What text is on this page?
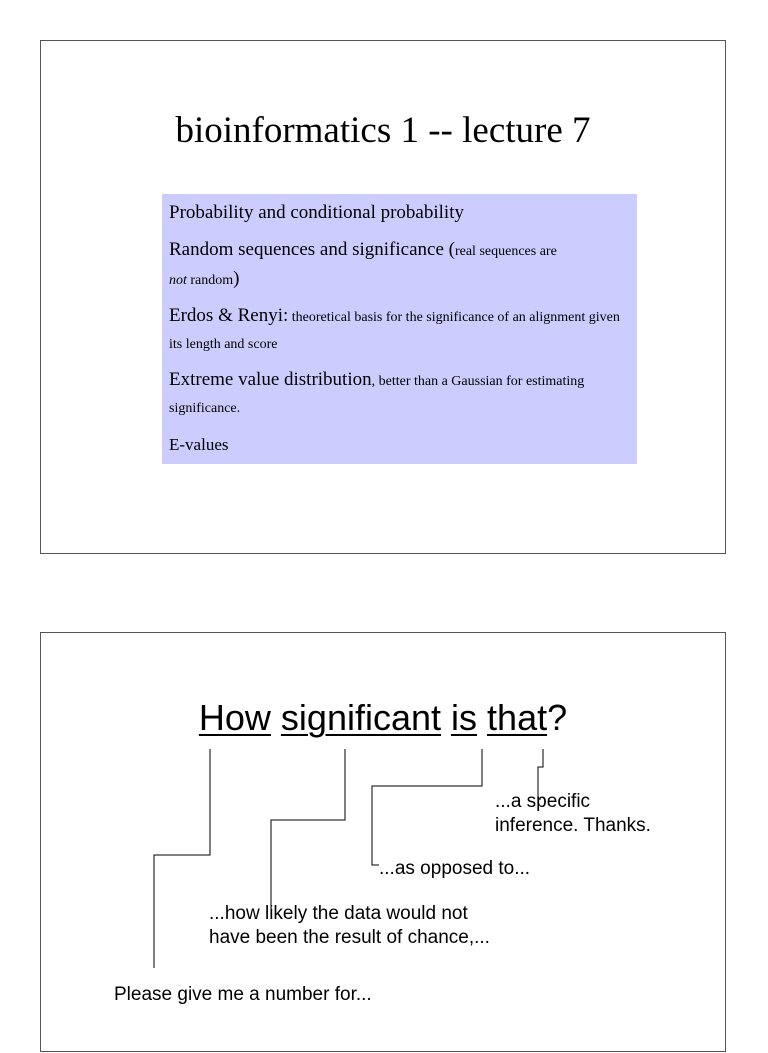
bioinformatics 1 -- lecture 7
Probability and conditional probability
Random sequences and significance (real sequences are
not random)
Erdos & Renyi: theoretical basis for the significance of an alignment given its length and score
Extreme value distribution, better than a Gaussian for estimating significance.
E-values
How significant is that?
...a specific
inference. Thanks.
...as opposed to...
...how likely the data would not
have been the result of chance,...
Please give me a number for...
